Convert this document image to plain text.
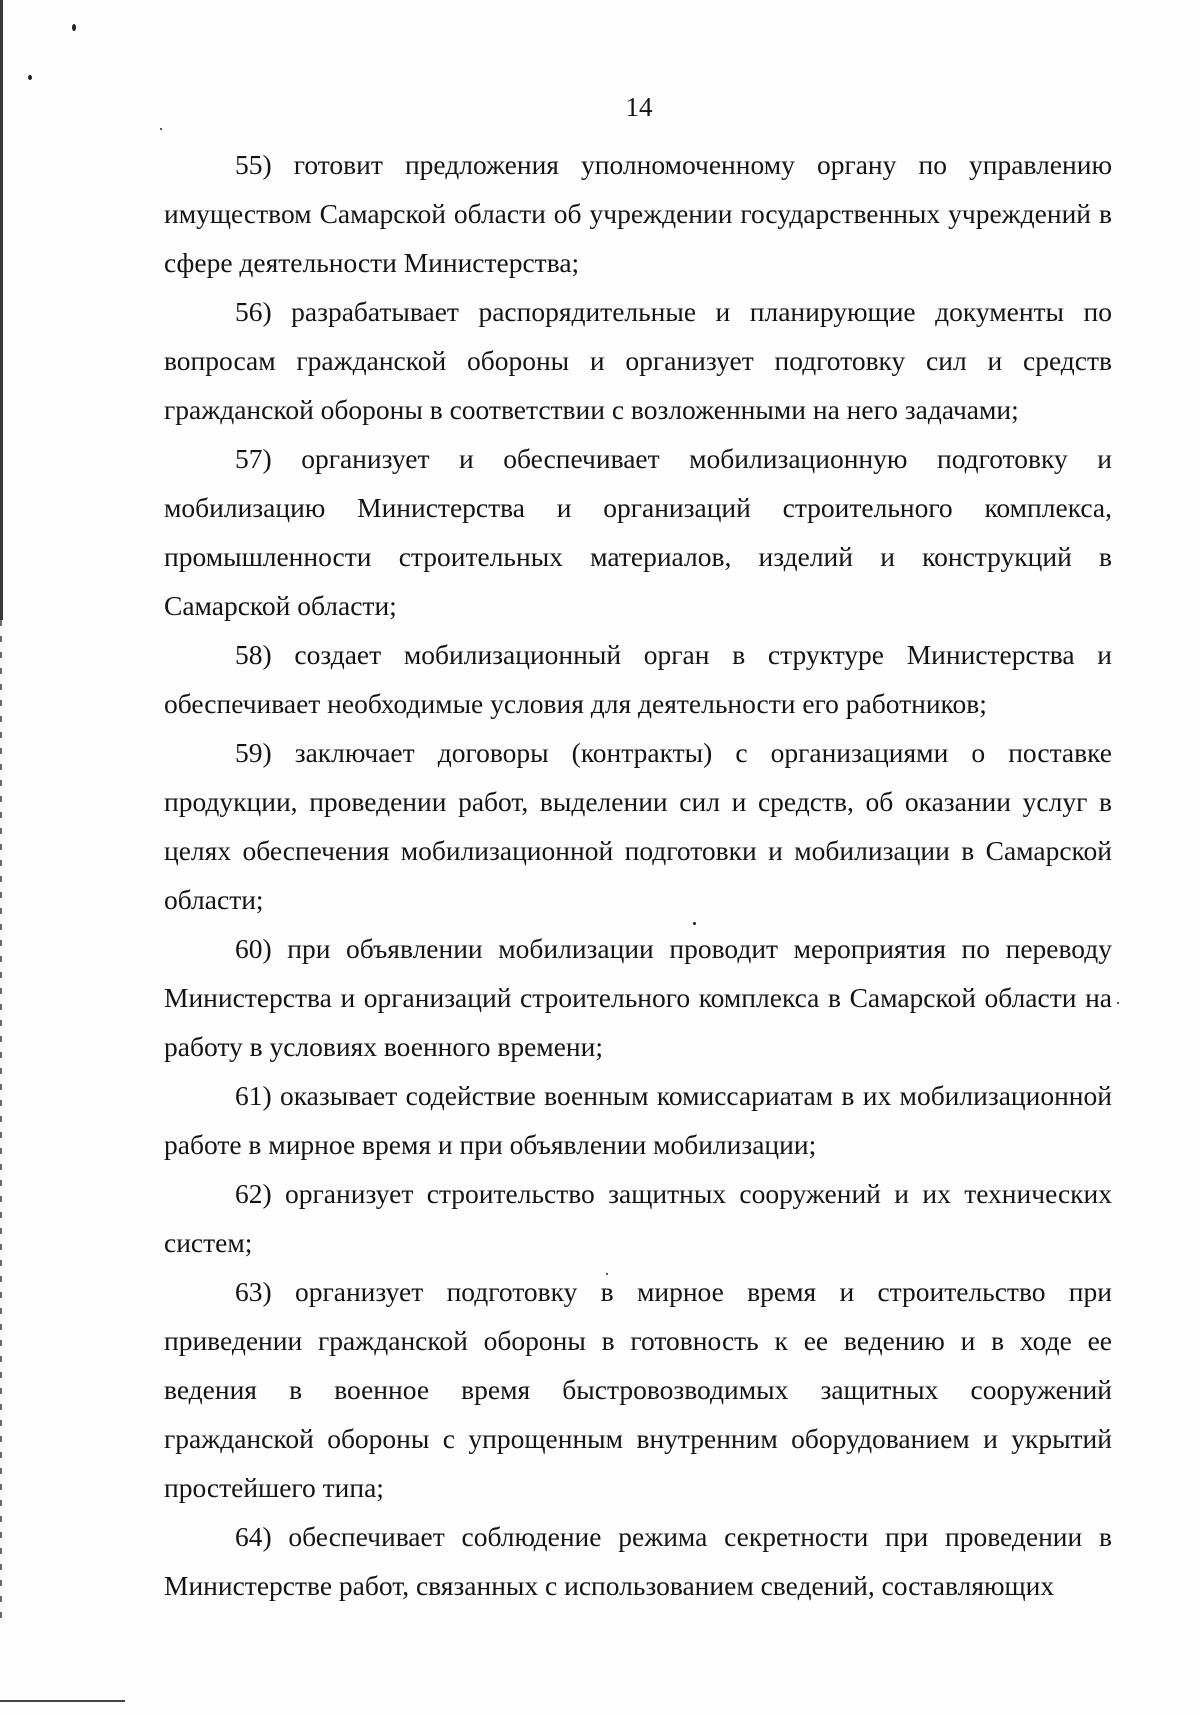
14

55) готовит предложения уполномоченному органу по управлению имуществом Самарской области об учреждении государственных учреждений в сфере деятельности Министерства;

56) разрабатывает распорядительные и планирующие документы по вопросам гражданской обороны и организует подготовку сил и средств гражданской обороны в соответствии с возложенными на него задачами;

57) организует и обеспечивает мобилизационную подготовку и мобилизацию Министерства и организаций строительного комплекса, промышленности строительных материалов, изделий и конструкций в Самарской области;

58) создает мобилизационный орган в структуре Министерства и обеспечивает необходимые условия для деятельности его работников;

59) заключает договоры (контракты) с организациями о поставке продукции, проведении работ, выделении сил и средств, об оказании услуг в целях обеспечения мобилизационной подготовки и мобилизации в Самарской области;

60) при объявлении мобилизации проводит мероприятия по переводу Министерства и организаций строительного комплекса в Самарской области на работу в условиях военного времени;

61) оказывает содействие военным комиссариатам в их мобилизационной работе в мирное время и при объявлении мобилизации;

62) организует строительство защитных сооружений и их технических систем;

63) организует подготовку в мирное время и строительство при приведении гражданской обороны в готовность к ее ведению и в ходе ее ведения в военное время быстровозводимых защитных сооружений гражданской обороны с упрощенным внутренним оборудованием и укрытий простейшего типа;

64) обеспечивает соблюдение режима секретности при проведении в Министерстве работ, связанных с использованием сведений, составляющих
